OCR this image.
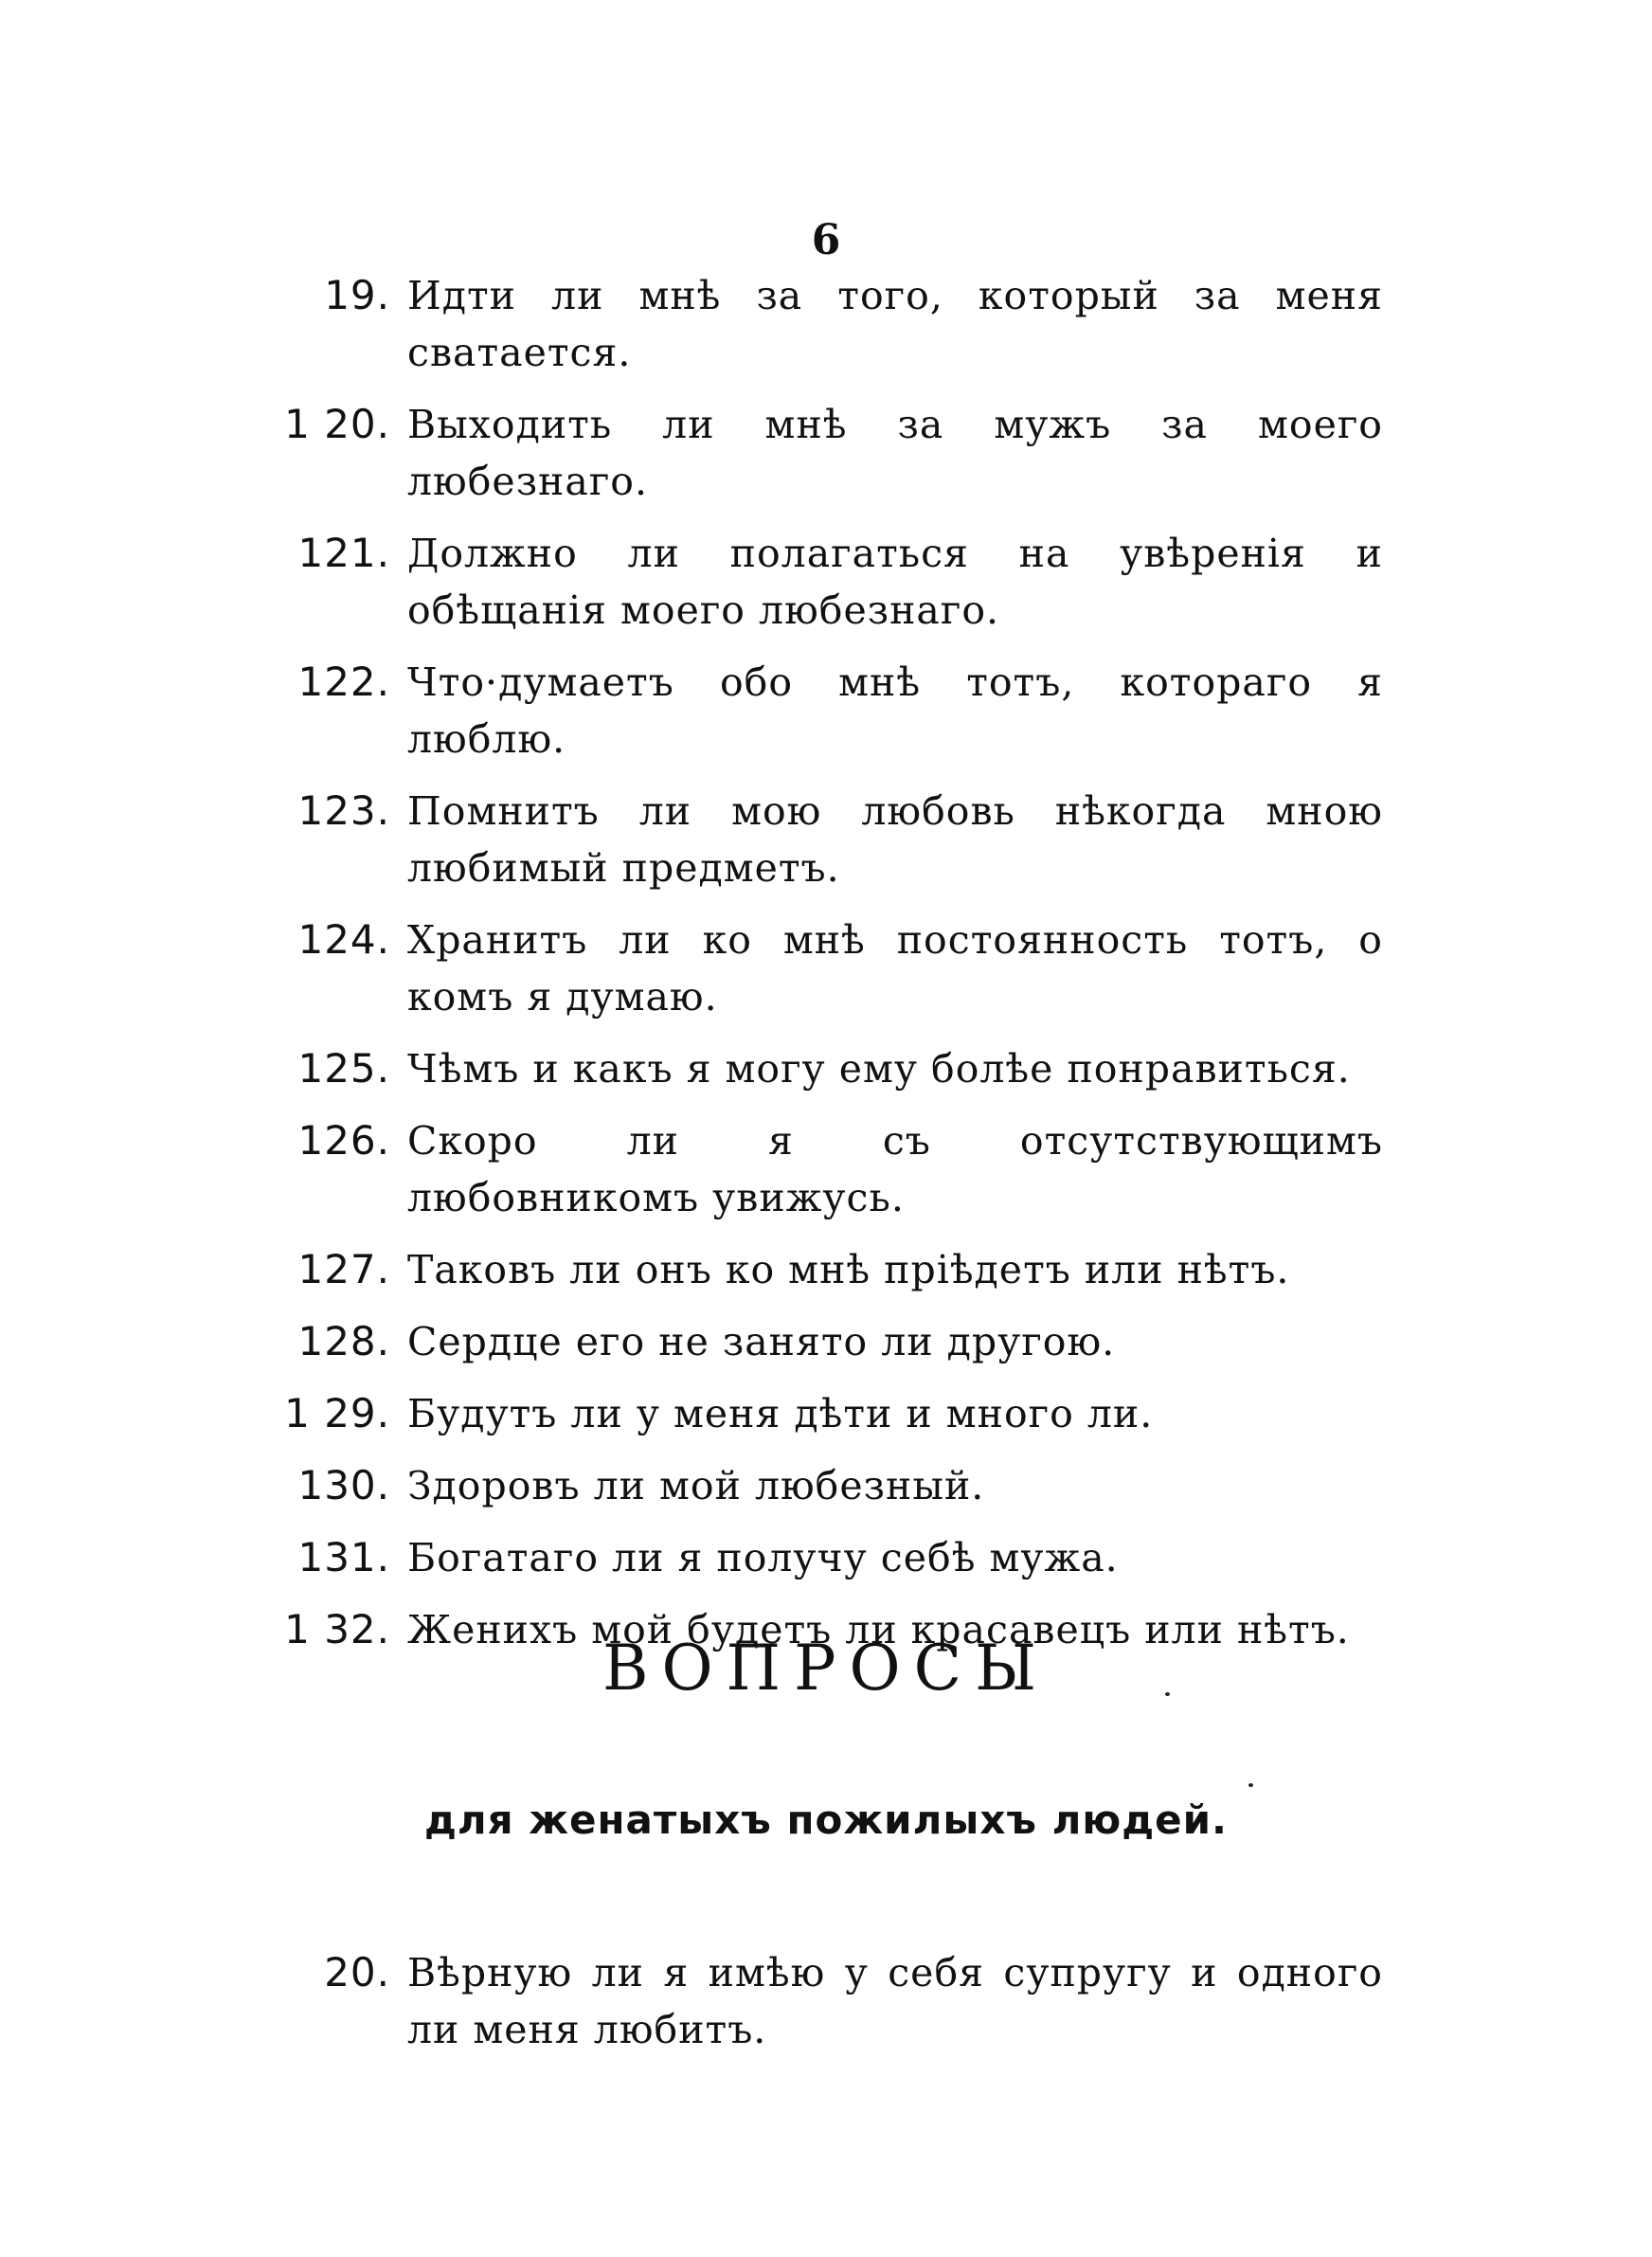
6
19. Идти ли мнѣ за того, который за меня сватается.
1 20. Выходить ли мнѣ за мужъ за моего любезнаго.
121. Должно ли полагаться на увѣренія и обѣщанія моего любезнаго.
122. Что·думаетъ обо мнѣ тотъ, котораго я люблю.
123. Помнитъ ли мою любовь нѣкогда мною любимый предметъ.
124. Хранитъ ли ко мнѣ постоянность тотъ, о комъ я думаю.
125. Чѣмъ и какъ я могу ему болѣе понравиться.
126. Скоро ли я съ отсутствующимъ любовникомъ увижусь.
127. Таковъ ли онъ ко мнѣ пріѣдетъ или нѣтъ.
128. Сердце его не занято ли другою.
1 29. Будутъ ли у меня дѣти и много ли.
130. Здоровъ ли мой любезный.
131. Богатаго ли я получу себѣ мужа.
1 32. Женихъ мой будетъ ли красавецъ или нѣтъ.
ВОПРОСЫ
для женатыхъ пожилыхъ людей.
20. Вѣрную ли я имѣю у себя супругу и одного ли меня любитъ.
